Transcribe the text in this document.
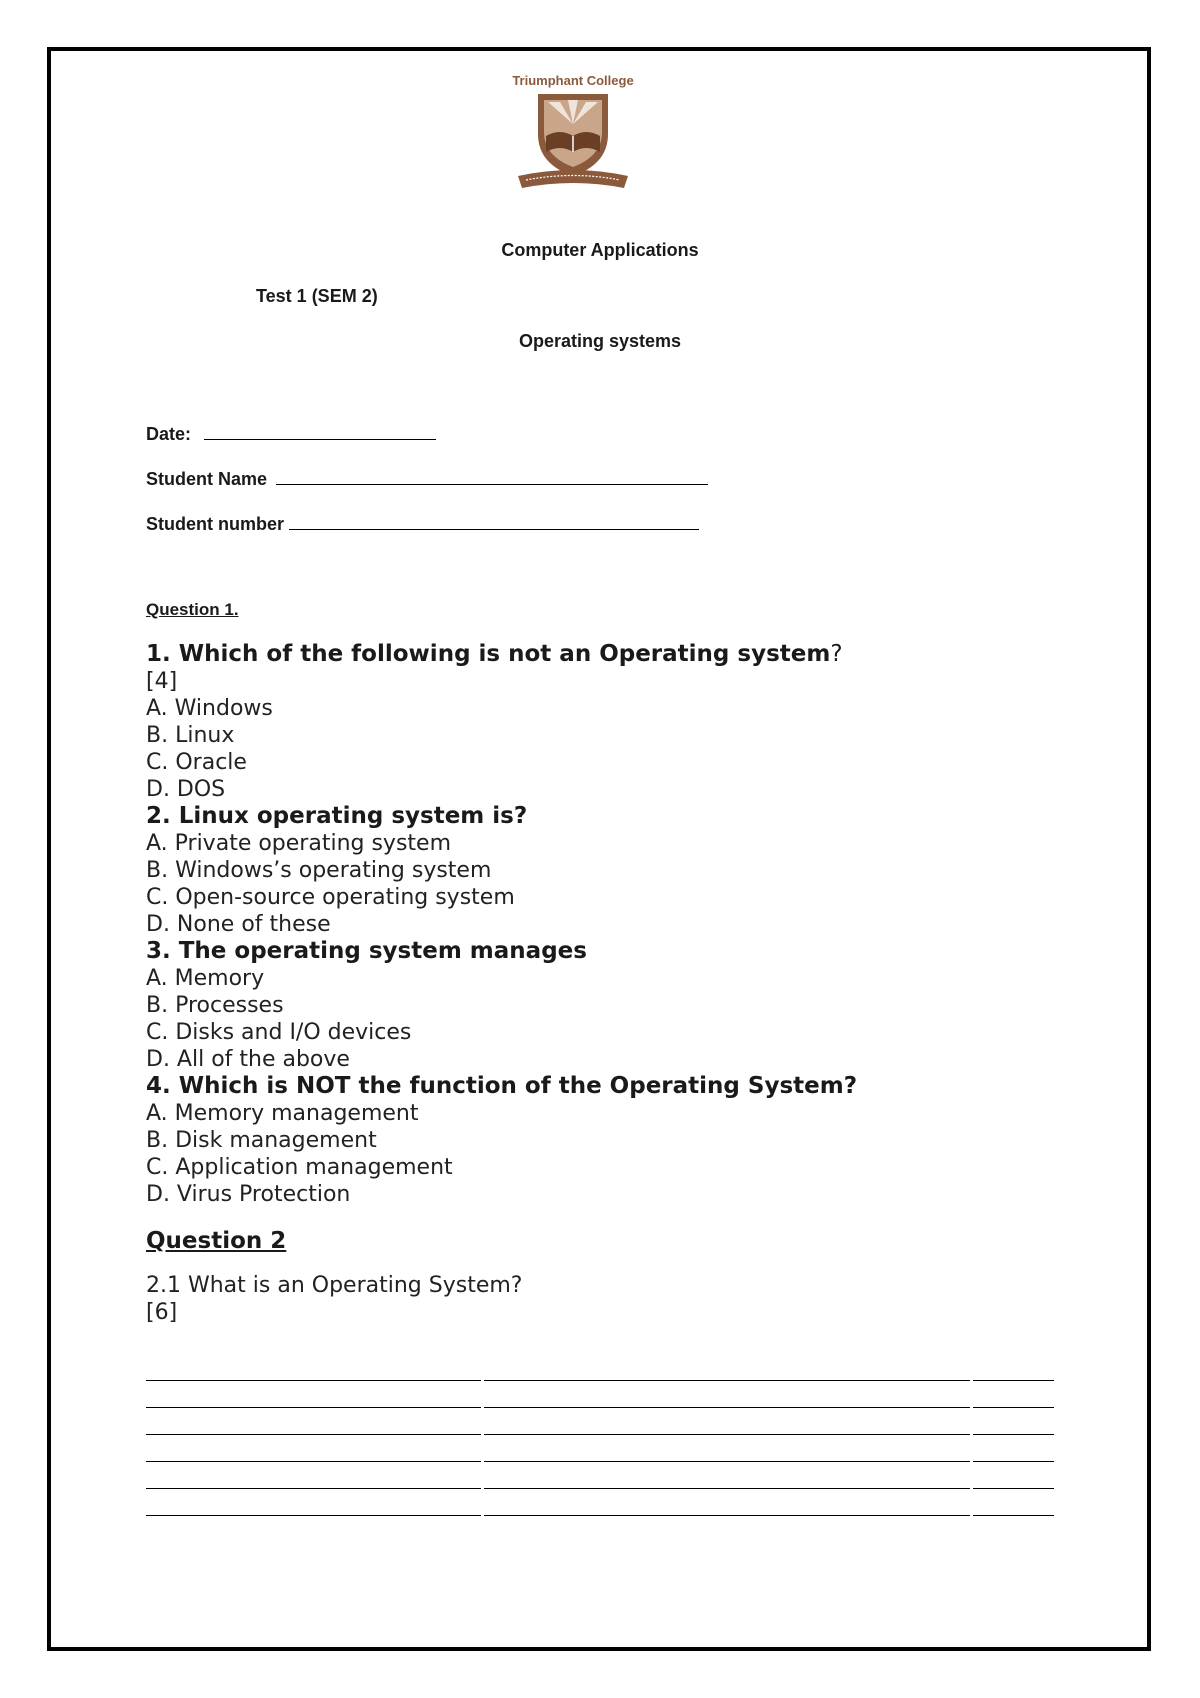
Triumphant College
Computer Applications
Test 1 (SEM 2)
Operating systems
Date:
Student Name
Student number
Question 1.
1. Which of the following is not an Operating system?
[4]
A. Windows
B. Linux
C. Oracle
D. DOS
2. Linux operating system is?
A. Private operating system
B. Windows’s operating system
C. Open-source operating system
D. None of these
3. The operating system manages
A. Memory
B. Processes
C. Disks and I/O devices
D. All of the above
4. Which is NOT the function of the Operating System?
A. Memory management
B. Disk management
C. Application management
D. Virus Protection
Question 2
2.1 What is an Operating System?
[6]
